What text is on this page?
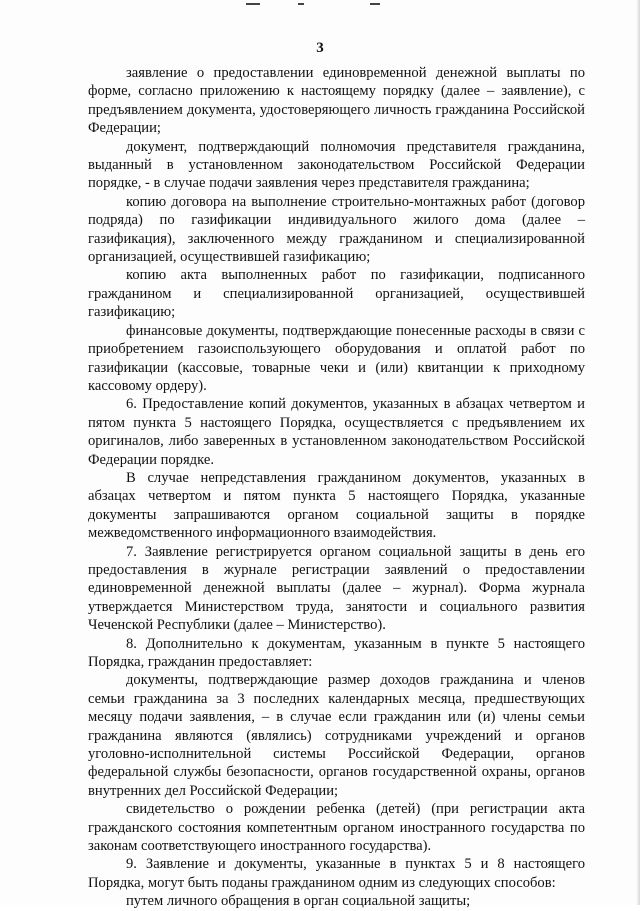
3

заявление о предоставлении единовременной денежной выплаты по форме, согласно приложению к настоящему порядку (далее – заявление), с предъявлением документа, удостоверяющего личность гражданина Российской Федерации;

документ, подтверждающий полномочия представителя гражданина, выданный в установленном законодательством Российской Федерации порядке, - в случае подачи заявления через представителя гражданина;

копию договора на выполнение строительно-монтажных работ (договор подряда) по газификации индивидуального жилого дома (далее – газификация), заключенного между гражданином и специализированной организацией, осуществившей газификацию;

копию акта выполненных работ по газификации, подписанного гражданином и специализированной организацией, осуществившей газификацию;

финансовые документы, подтверждающие понесенные расходы в связи с приобретением газоиспользующего оборудования и оплатой работ по газификации (кассовые, товарные чеки и (или) квитанции к приходному кассовому ордеру).

6. Предоставление копий документов, указанных в абзацах четвертом и пятом пункта 5 настоящего Порядка, осуществляется с предъявлением их оригиналов, либо заверенных в установленном законодательством Российской Федерации порядке.

В случае непредставления гражданином документов, указанных в абзацах четвертом и пятом пункта 5 настоящего Порядка, указанные документы запрашиваются органом социальной защиты в порядке межведомственного информационного взаимодействия.

7. Заявление регистрируется органом социальной защиты в день его предоставления в журнале регистрации заявлений о предоставлении единовременной денежной выплаты (далее – журнал). Форма журнала утверждается Министерством труда, занятости и социального развития Чеченской Республики (далее – Министерство).

8. Дополнительно к документам, указанным в пункте 5 настоящего Порядка, гражданин предоставляет:

документы, подтверждающие размер доходов гражданина и членов семьи гражданина за 3 последних календарных месяца, предшествующих месяцу подачи заявления, – в случае если гражданин или (и) члены семьи гражданина являются (являлись) сотрудниками учреждений и органов уголовно-исполнительной системы Российской Федерации, органов федеральной службы безопасности, органов государственной охраны, органов внутренних дел Российской Федерации;

свидетельство о рождении ребенка (детей) (при регистрации акта гражданского состояния компетентным органом иностранного государства по законам соответствующего иностранного государства).

9. Заявление и документы, указанные в пунктах 5 и 8 настоящего Порядка, могут быть поданы гражданином одним из следующих способов:

путем личного обращения в орган социальной защиты;
